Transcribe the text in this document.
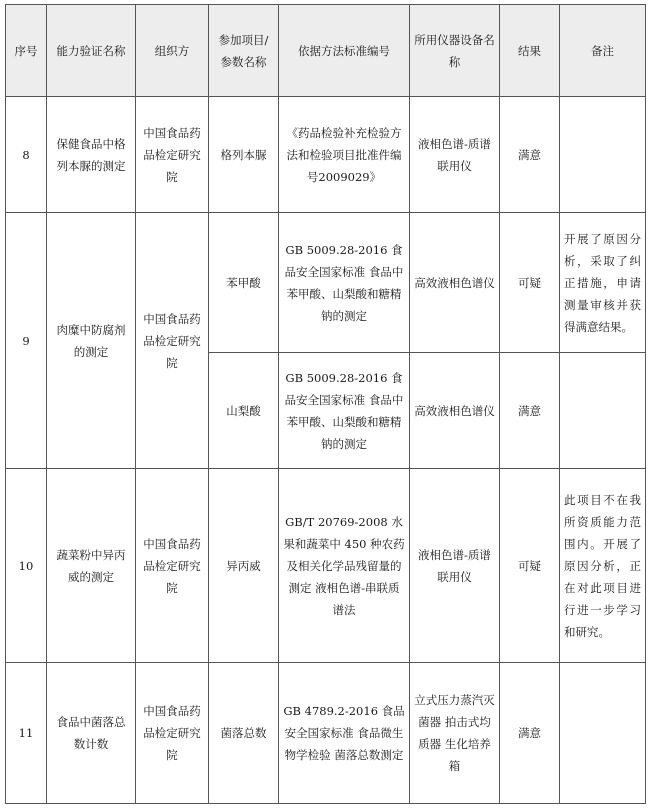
序号	能力验证名称	组织方	参加项目/参数名称	依据方法标准编号	所用仪器设备名称	结果	备注
8	保健食品中格列本脲的测定	中国食品药品检定研究院	格列本脲	《药品检验补充检验方法和检验项目批准件编号2009029》	液相色谱-质谱联用仪	满意	
9	肉糜中防腐剂的测定	中国食品药品检定研究院	苯甲酸	GB 5009.28-2016 食品安全国家标准 食品中苯甲酸、山梨酸和糖精钠的测定	高效液相色谱仪	可疑	开展了原因分析，采取了纠正措施，申请测量审核并获得满意结果。
			山梨酸	GB 5009.28-2016 食品安全国家标准 食品中苯甲酸、山梨酸和糖精钠的测定	高效液相色谱仪	满意	
10	蔬菜粉中异丙威的测定	中国食品药品检定研究院	异丙威	GB/T 20769-2008 水果和蔬菜中 450 种农药及相关化学品残留量的测定 液相色谱-串联质谱法	液相色谱-质谱联用仪	可疑	此项目不在我所资质能力范围内。开展了原因分析，正在对此项目进行进一步学习和研究。
11	食品中菌落总数计数	中国食品药品检定研究院	菌落总数	GB 4789.2-2016 食品安全国家标准 食品微生物学检验 菌落总数测定	立式压力蒸汽灭菌器 拍击式均质器 生化培养箱	满意	
